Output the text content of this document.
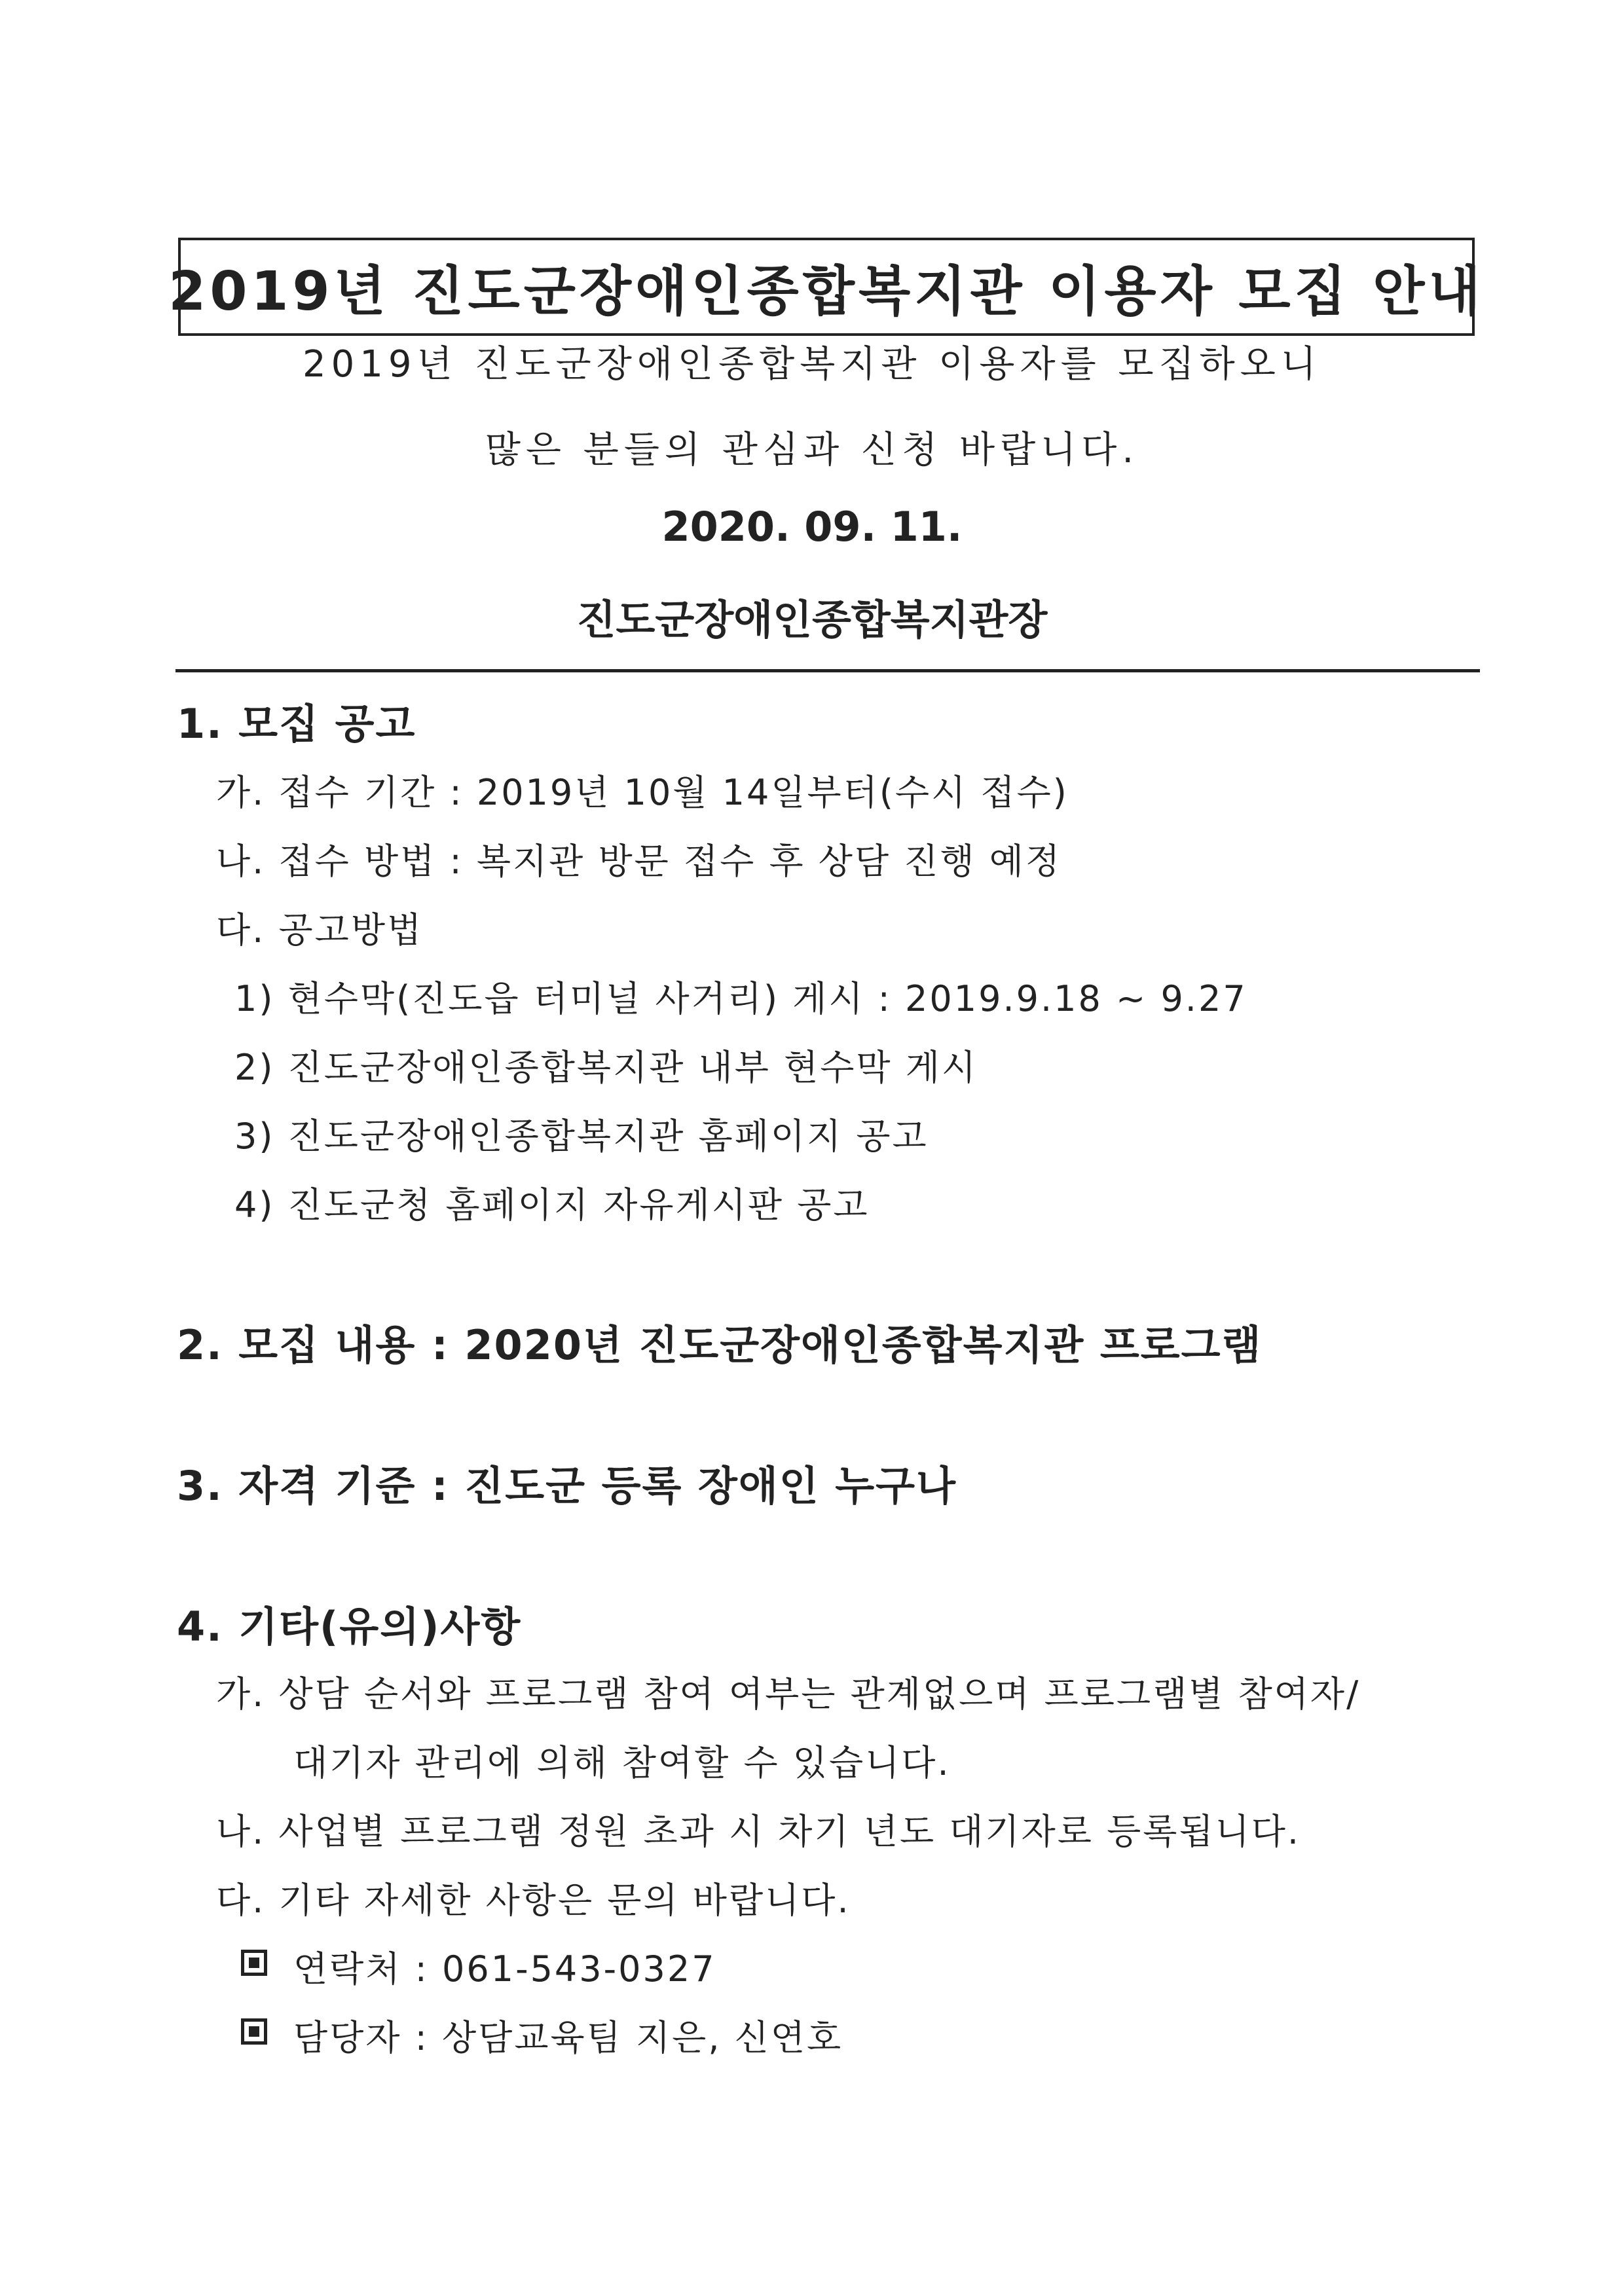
2019년 진도군장애인종합복지관 이용자 모집 안내
2019년 진도군장애인종합복지관 이용자를 모집하오니
많은 분들의 관심과 신청 바랍니다.
2020. 09. 11.
진도군장애인종합복지관장
1. 모집 공고
가. 접수 기간 : 2019년 10월 14일부터(수시 접수)
나. 접수 방법 : 복지관 방문 접수 후 상담 진행 예정
다. 공고방법
1) 현수막(진도읍 터미널 사거리) 게시 : 2019.9.18 ~ 9.27
2) 진도군장애인종합복지관 내부 현수막 게시
3) 진도군장애인종합복지관 홈페이지 공고
4) 진도군청 홈페이지 자유게시판 공고
2. 모집 내용 : 2020년 진도군장애인종합복지관 프로그램
3. 자격 기준 : 진도군 등록 장애인 누구나
4. 기타(유의)사항
가. 상담 순서와 프로그램 참여 여부는 관계없으며 프로그램별 참여자/
대기자 관리에 의해 참여할 수 있습니다.
나. 사업별 프로그램 정원 초과 시 차기 년도 대기자로 등록됩니다.
다. 기타 자세한 사항은 문의 바랍니다.
연락처 : 061-543-0327
담당자 : 상담교육팀 지은, 신연호
